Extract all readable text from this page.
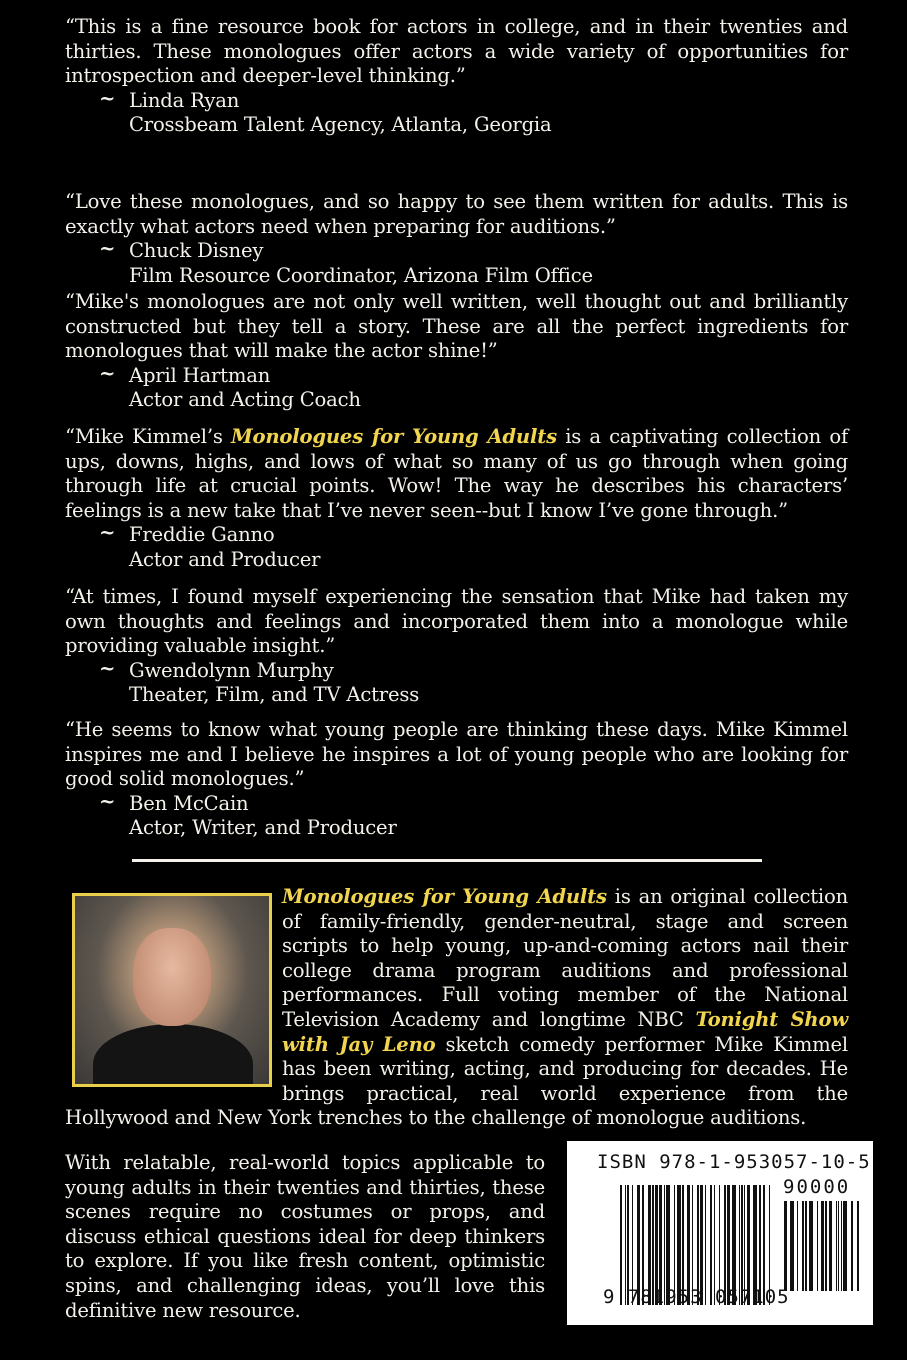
“This is a fine resource book for actors in college, and in their twenties and thirties. These monologues offer actors a wide variety of opportunities for introspection and deeper-level thinking.”

~ Linda Ryan
Crossbeam Talent Agency, Atlanta, Georgia

“Love these monologues, and so happy to see them written for adults. This is exactly what actors need when preparing for auditions.”

~ Chuck Disney
Film Resource Coordinator, Arizona Film Office

“Mike's monologues are not only well written, well thought out and brilliantly constructed but they tell a story. These are all the perfect ingredients for monologues that will make the actor shine!”

~ April Hartman
Actor and Acting Coach

“Mike Kimmel’s Monologues for Young Adults is a captivating collection of ups, downs, highs, and lows of what so many of us go through when going through life at crucial points. Wow! The way he describes his characters’ feelings is a new take that I’ve never seen--but I know I’ve gone through.”

~ Freddie Ganno
Actor and Producer

“At times, I found myself experiencing the sensation that Mike had taken my own thoughts and feelings and incorporated them into a monologue while providing valuable insight.”

~ Gwendolynn Murphy
Theater, Film, and TV Actress

“He seems to know what young people are thinking these days. Mike Kimmel inspires me and I believe he inspires a lot of young people who are looking for good solid monologues.”

~ Ben McCain
Actor, Writer, and Producer
Monologues for Young Adults is an original collection of family-friendly, gender-neutral, stage and screen scripts to help young, up-and-coming actors nail their college drama program auditions and professional performances. Full voting member of the National Television Academy and longtime NBC Tonight Show with Jay Leno sketch comedy performer Mike Kimmel has been writing, acting, and producing for decades. He brings practical, real world experience from the Hollywood and New York trenches to the challenge of monologue auditions.
With relatable, real-world topics applicable to young adults in their twenties and thirties, these scenes require no costumes or props, and discuss ethical questions ideal for deep thinkers to explore. If you like fresh content, optimistic spins, and challenging ideas, you’ll love this definitive new resource.
ISBN 978-1-953057-10-5
90000
9 781953 057105
